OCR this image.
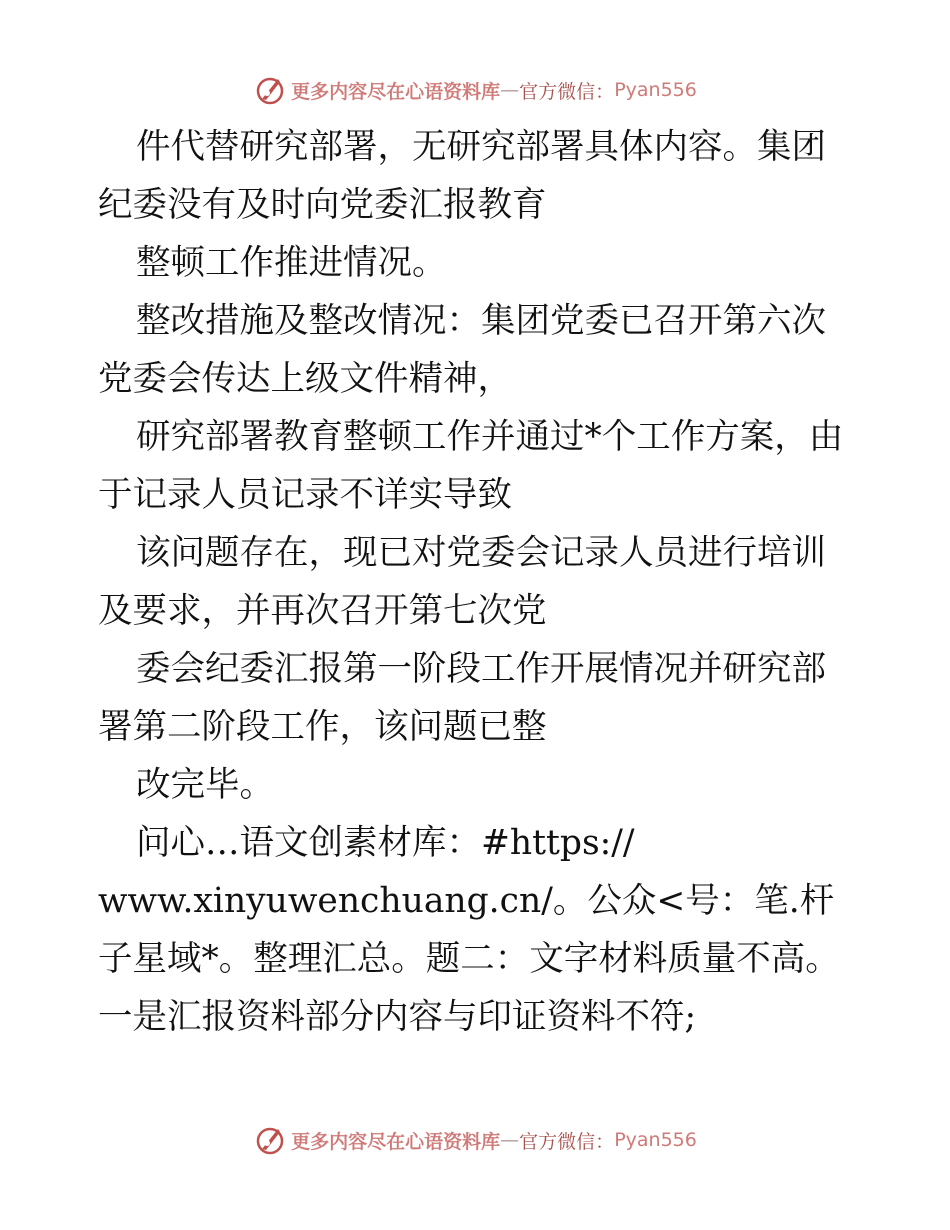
更多内容尽在心语资料库 — 官方微信： Pyan556

件代替研究部署，无研究部署具体内容。集团纪委没有及时向党委汇报教育

整顿工作推进情况。

整改措施及整改情况：集团党委已召开第六次党委会传达上级文件精神，

研究部署教育整顿工作并通过*个工作方案，由于记录人员记录不详实导致

该问题存在，现已对党委会记录人员进行培训及要求，并再次召开第七次党

委会纪委汇报第一阶段工作开展情况并研究部署第二阶段工作，该问题已整

改完毕。

问心…语文创素材库：#https://

www.xinyuwenchuang.cn/。公众<号：笔.杆子星域*。整理汇总。题二：文字材料质量不高。 一是汇报资料部分内容与印证资料不符;

更多内容尽在心语资料库 — 官方微信： Pyan556
